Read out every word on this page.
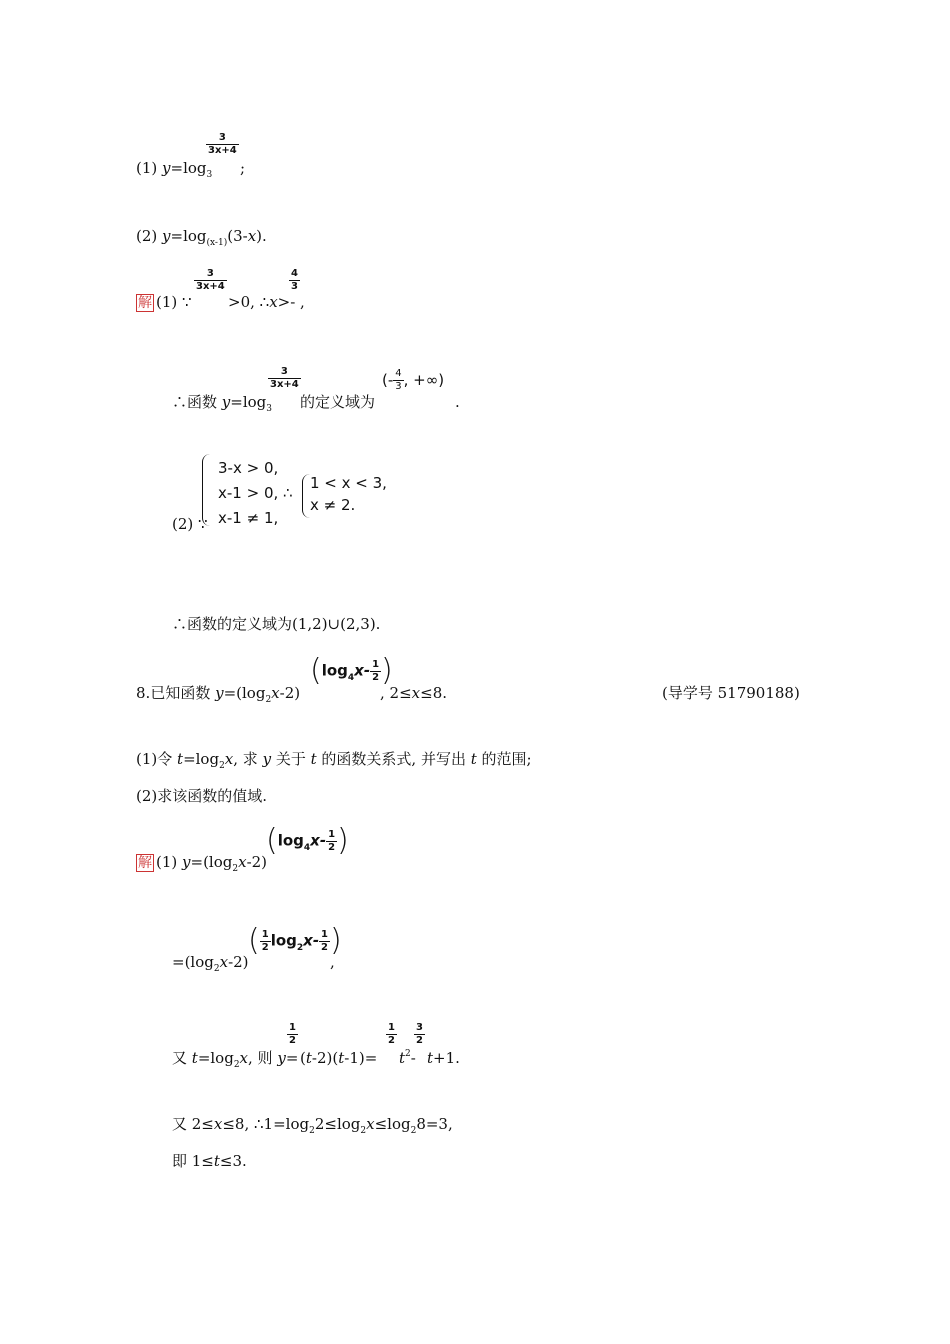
(1) $y=\log_3$
$\frac{3}{3x+4}$
;
(2) $y=\log_{(x-1)}(3-x)$.
解 (1) ∵
$\frac{3}{3x+4}$
>0, ∴x>-
$\frac{4}{3}$
,
∴函数 $y=\log_3$
$\frac{3}{3x+4}$
的定义域为
(- $\frac{4}{3}$ , +∞)
.
3-x > 0,
x-1 > 0, ∴
x-1 ≠ 1,
1 < x < 3,
x ≠ 2.
(2) ∵
∴函数的定义域为(1,2)∪(2,3).
8.已知函数 $y=(\log_2x-2)$
($\log_4x- \frac{1}{2}$ )
, 2≤x≤8.	(导学号 51790188)
(1)令 $t=\log_2x$, 求 y 关于 t 的函数关系式, 并写出 t 的范围;
(2)求该函数的值域.
解 (1) $y=(\log_2x-2)$
($\log_4x- \frac{1}{2}$ )
$=(\log_2x-2)$
( $\frac{1}{2} \log_2x- \frac{1}{2}$ )
,
又 $t=\log_2x$, 则 y=
$\frac{1}{2}$
(t-2)(t-1)=
$\frac{1}{2}$
$t^2-$
$\frac{3}{2}$
t+1.
又 2≤x≤8, $\therefore 1=\log_22\le\log_2x\le\log_28=3$,
即 1≤t≤3.
